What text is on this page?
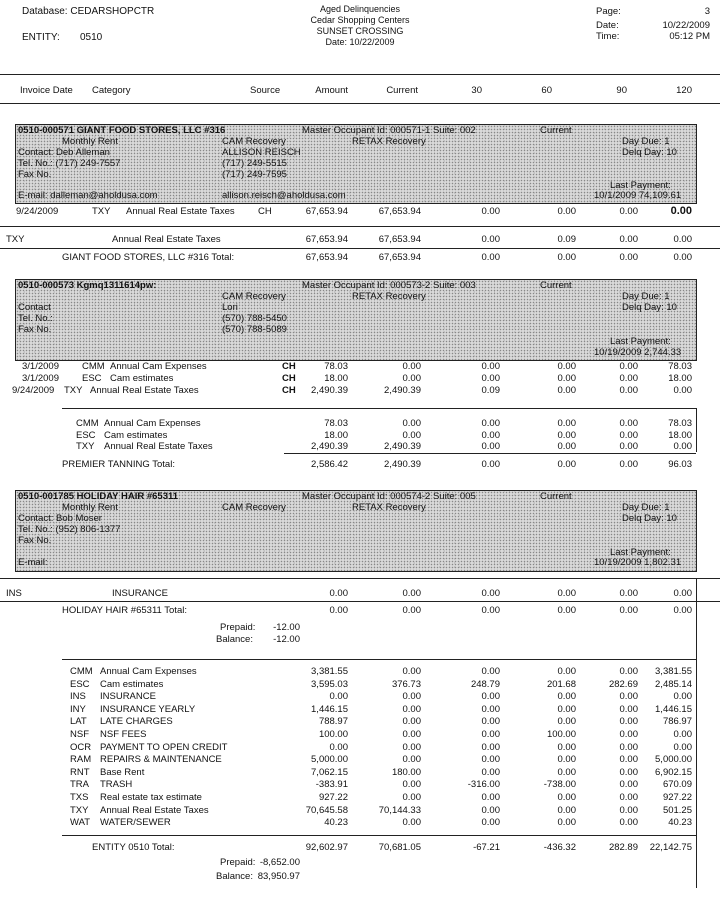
Database: CEDARSHOPCTR
ENTITY: 0510
Aged Delinquencies
Cedar Shopping Centers
SUNSET CROSSING
Date: 10/22/2009
Page:	3
Date:	10/22/2009
Time:	05:12 PM
Invoice Date Category	Source	Amount	Current	30	60	90	120
0510-000571 GIANT FOOD STORES, LLC #316	Master Occupant Id: 000571-1 Suite: 002	Current
Monthly Rent	CAM Recovery	RETAX Recovery	Day Due: 1
Contact: Deb Alleman	ALLISON REISCH	Delq Day: 10
Tel. No.: (717) 249-7557	(717) 249-5515
Fax No.	(717) 249-7595
Last Payment:
E-mail: dalleman@aholdusa.com	allison.reisch@aholdusa.com	10/1/2009 74,109.61
9/24/2009	TXY Annual Real Estate Taxes CH	67,653.94	67,653.94	0.00	0.00	0.00	0.00
TXY	Annual Real Estate Taxes	67,653.94	67,653.94	0.00	0.09	0.00	0.00
GIANT FOOD STORES, LLC #316 Total:	67,653.94	67,653.94	0.00	0.00	0.00	0.00
0510-000573 Kgmq1311614pw:	Master Occupant Id: 000573-2 Suite: 003	Current
CAM Recovery	RETAX Recovery	Day Due: 1
Contact	Lori	Delq Day: 10
Tel. No.:	(570) 788-5450
Fax No.	(570) 788-5089
Last Payment:
10/19/2009 2,744.33
3/1/2009 CMM Annual Cam Expenses	CH	78.03	0.00	0.00	0.00	0.00	78.03
3/1/2009 ESC Cam estimates	CH	18.00	0.00	0.00	0.00	0.00	18.00
9/24/2009 TXY Annual Real Estate Taxes	CH	2,490.39	2,490.39	0.09	0.00	0.00	0.00
CMM Annual Cam Expenses	78.03	0.00	0.00	0.00	0.00	78.03
ESC Cam estimates	18.00	0.00	0.00	0.00	0.00	18.00
TXY Annual Real Estate Taxes	2,490.39	2,490.39	0.00	0.00	0.00	0.00
PREMIER TANNING Total:	2,586.42	2,490.39	0.00	0.00	0.00	96.03
0510-001785 HOLIDAY HAIR #65311	Master Occupant Id: 000574-2 Suite: 005	Current
Monthly Rent	CAM Recovery	RETAX Recovery	Day Due: 1
Contact: Bob Moser	Delq Day: 10
Tel. No.: (952) 806-1377
Fax No.
Last Payment:
E-mail:	10/19/2009 1,802.31
INS	INSURANCE	0.00	0.00	0.00	0.00	0.00	0.00
HOLIDAY HAIR #65311 Total:	0.00	0.00	0.00	0.00	0.00	0.00
Prepaid:	-12.00
Balance:	-12.00
CMM Annual Cam Expenses	3,381.55	0.00	0.00	0.00	0.00	3,381.55
ESC Cam estimates	3,595.03	376.73	248.79	201.68	282.69	2,485.14
INS INSURANCE	0.00	0.00	0.00	0.00	0.00	0.00
INY INSURANCE YEARLY	1,446.15	0.00	0.00	0.00	0.00	1,446.15
LAT LATE CHARGES	788.97	0.00	0.00	0.00	0.00	786.97
NSF NSF FEES	100.00	0.00	0.00	100.00	0.00	0.00
OCR PAYMENT TO OPEN CREDIT	0.00	0.00	0.00	0.00	0.00	0.00
RAM REPAIRS & MAINTENANCE	5,000.00	0.00	0.00	0.00	0.00	5,000.00
RNT Base Rent	7,062.15	180.00	0.00	0.00	0.00	6,902.15
TRA TRASH	-383.91	0.00	-316.00	-738.00	0.00	670.09
TXS Real estate tax estimate	927.22	0.00	0.00	0.00	0.00	927.22
TXY Annual Real Estate Taxes	70,645.58	70,144.33	0.00	0.00	0.00	501.25
WAT WATER/SEWER	40.23	0.00	0.00	0.00	0.00	40.23
ENTITY 0510 Total:	92,602.97	70,681.05	-67.21	-436.32	282.89	22,142.75
Prepaid: -8,652.00
Balance: 83,950.97
